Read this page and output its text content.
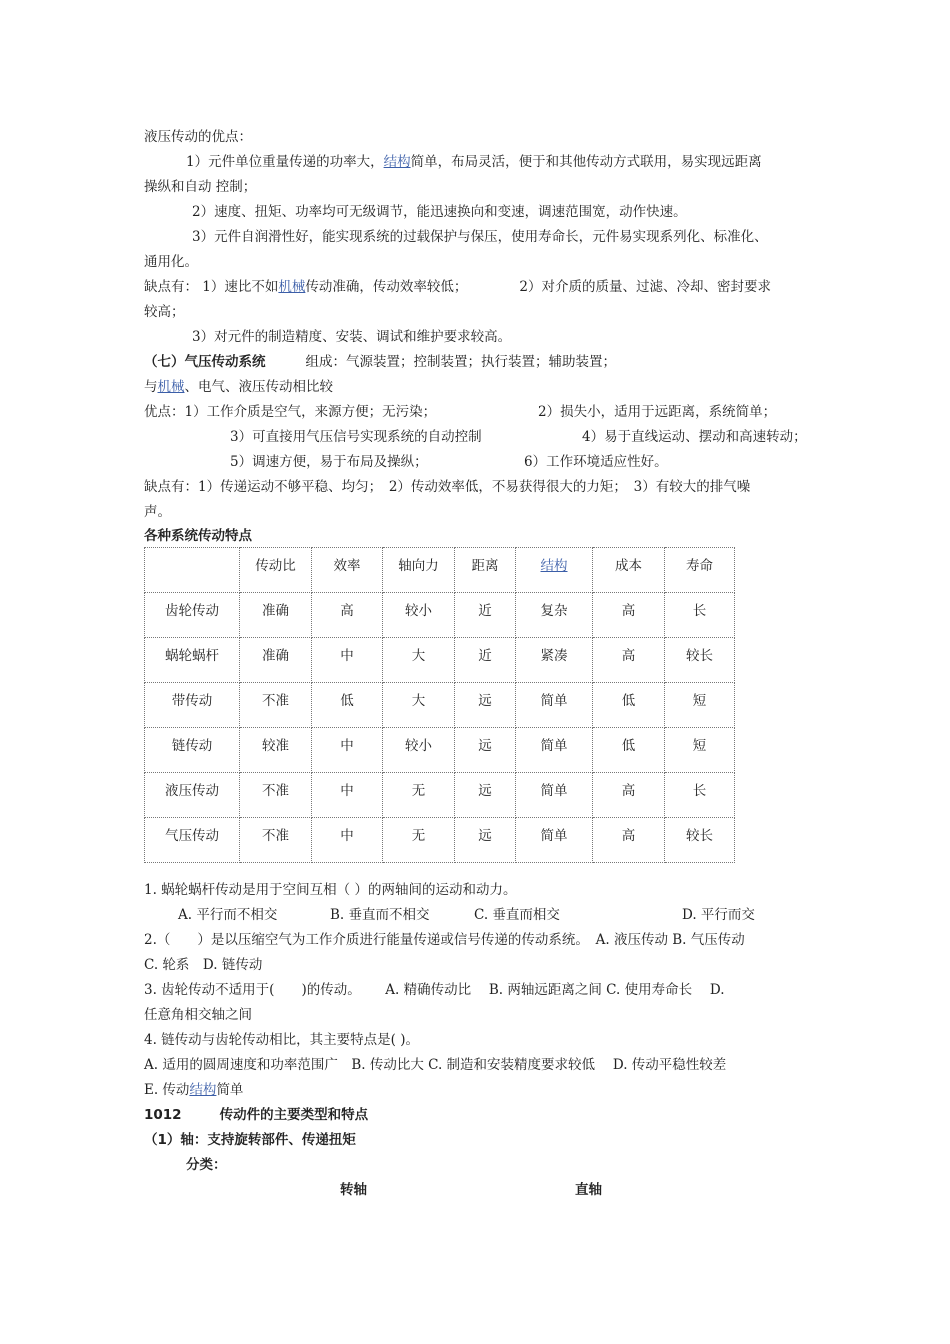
液压传动的优点：
1）元件单位重量传递的功率大，结构简单，布局灵活，便于和其他传动方式联用，易实现远距离
操纵和自动 控制；
2）速度、扭矩、功率均可无级调节，能迅速换向和变速，调速范围宽，动作快速。
3）元件自润滑性好，能实现系统的过载保护与保压，使用寿命长，元件易实现系列化、标准化、
通用化。
缺点有： 1）速比不如机械传动准确，传动效率较低；	2）对介质的质量、过滤、冷却、密封要求
较高；
3）对元件的制造精度、安装、调试和维护要求较高。
（七）气压传动系统	组成：气源装置；控制装置；执行装置；辅助装置；
与机械、电气、液压传动相比较
优点：1）工作介质是空气，来源方便；无污染；	2）损失小，适用于远距离，系统简单；
3）可直接用气压信号实现系统的自动控制	4）易于直线运动、摆动和高速转动；
5）调速方便，易于布局及操纵；	6）工作环境适应性好。
缺点有：1）传递运动不够平稳、均匀；　2）传动效率低，不易获得很大的力矩；　3）有较大的排气噪
声。
各种系统传动特点
	传动比	效率	轴向力	距离	结构	成本	寿命
齿轮传动	准确	高	较小	近	复杂	高	长
蜗轮蜗杆	准确	中	大	近	紧凑	高	较长
带传动	不准	低	大	远	简单	低	短
链传动	较准	中	较小	远	简单	低	短
液压传动	不准	中	无	远	简单	高	长
气压传动	不准	中	无	远	简单	高	较长
1. 蜗轮蜗杆传动是用于空间互相（ ）的两轴间的运动和动力。
A. 平行而不相交	B. 垂直而不相交	C. 垂直而相交	D. 平行而交
2.（　　）是以压缩空气为工作介质进行能量传递或信号传递的传动系统。　A. 液压传动 B. 气压传动
C. 轮系　D. 链传动
3. 齿轮传动不适用于(　　)的传动。　　 A. 精确传动比　 B. 两轴远距离之间 C. 使用寿命长　 D.
任意角相交轴之间
4. 链传动与齿轮传动相比，其主要特点是( )。
A. 适用的圆周速度和功率范围广　B. 传动比大 C. 制造和安装精度要求较低　 D. 传动平稳性较差
E. 传动结构简单
1012	传动件的主要类型和特点
（1）轴：支持旋转部件、传递扭矩
分类：
转轴	直轴
